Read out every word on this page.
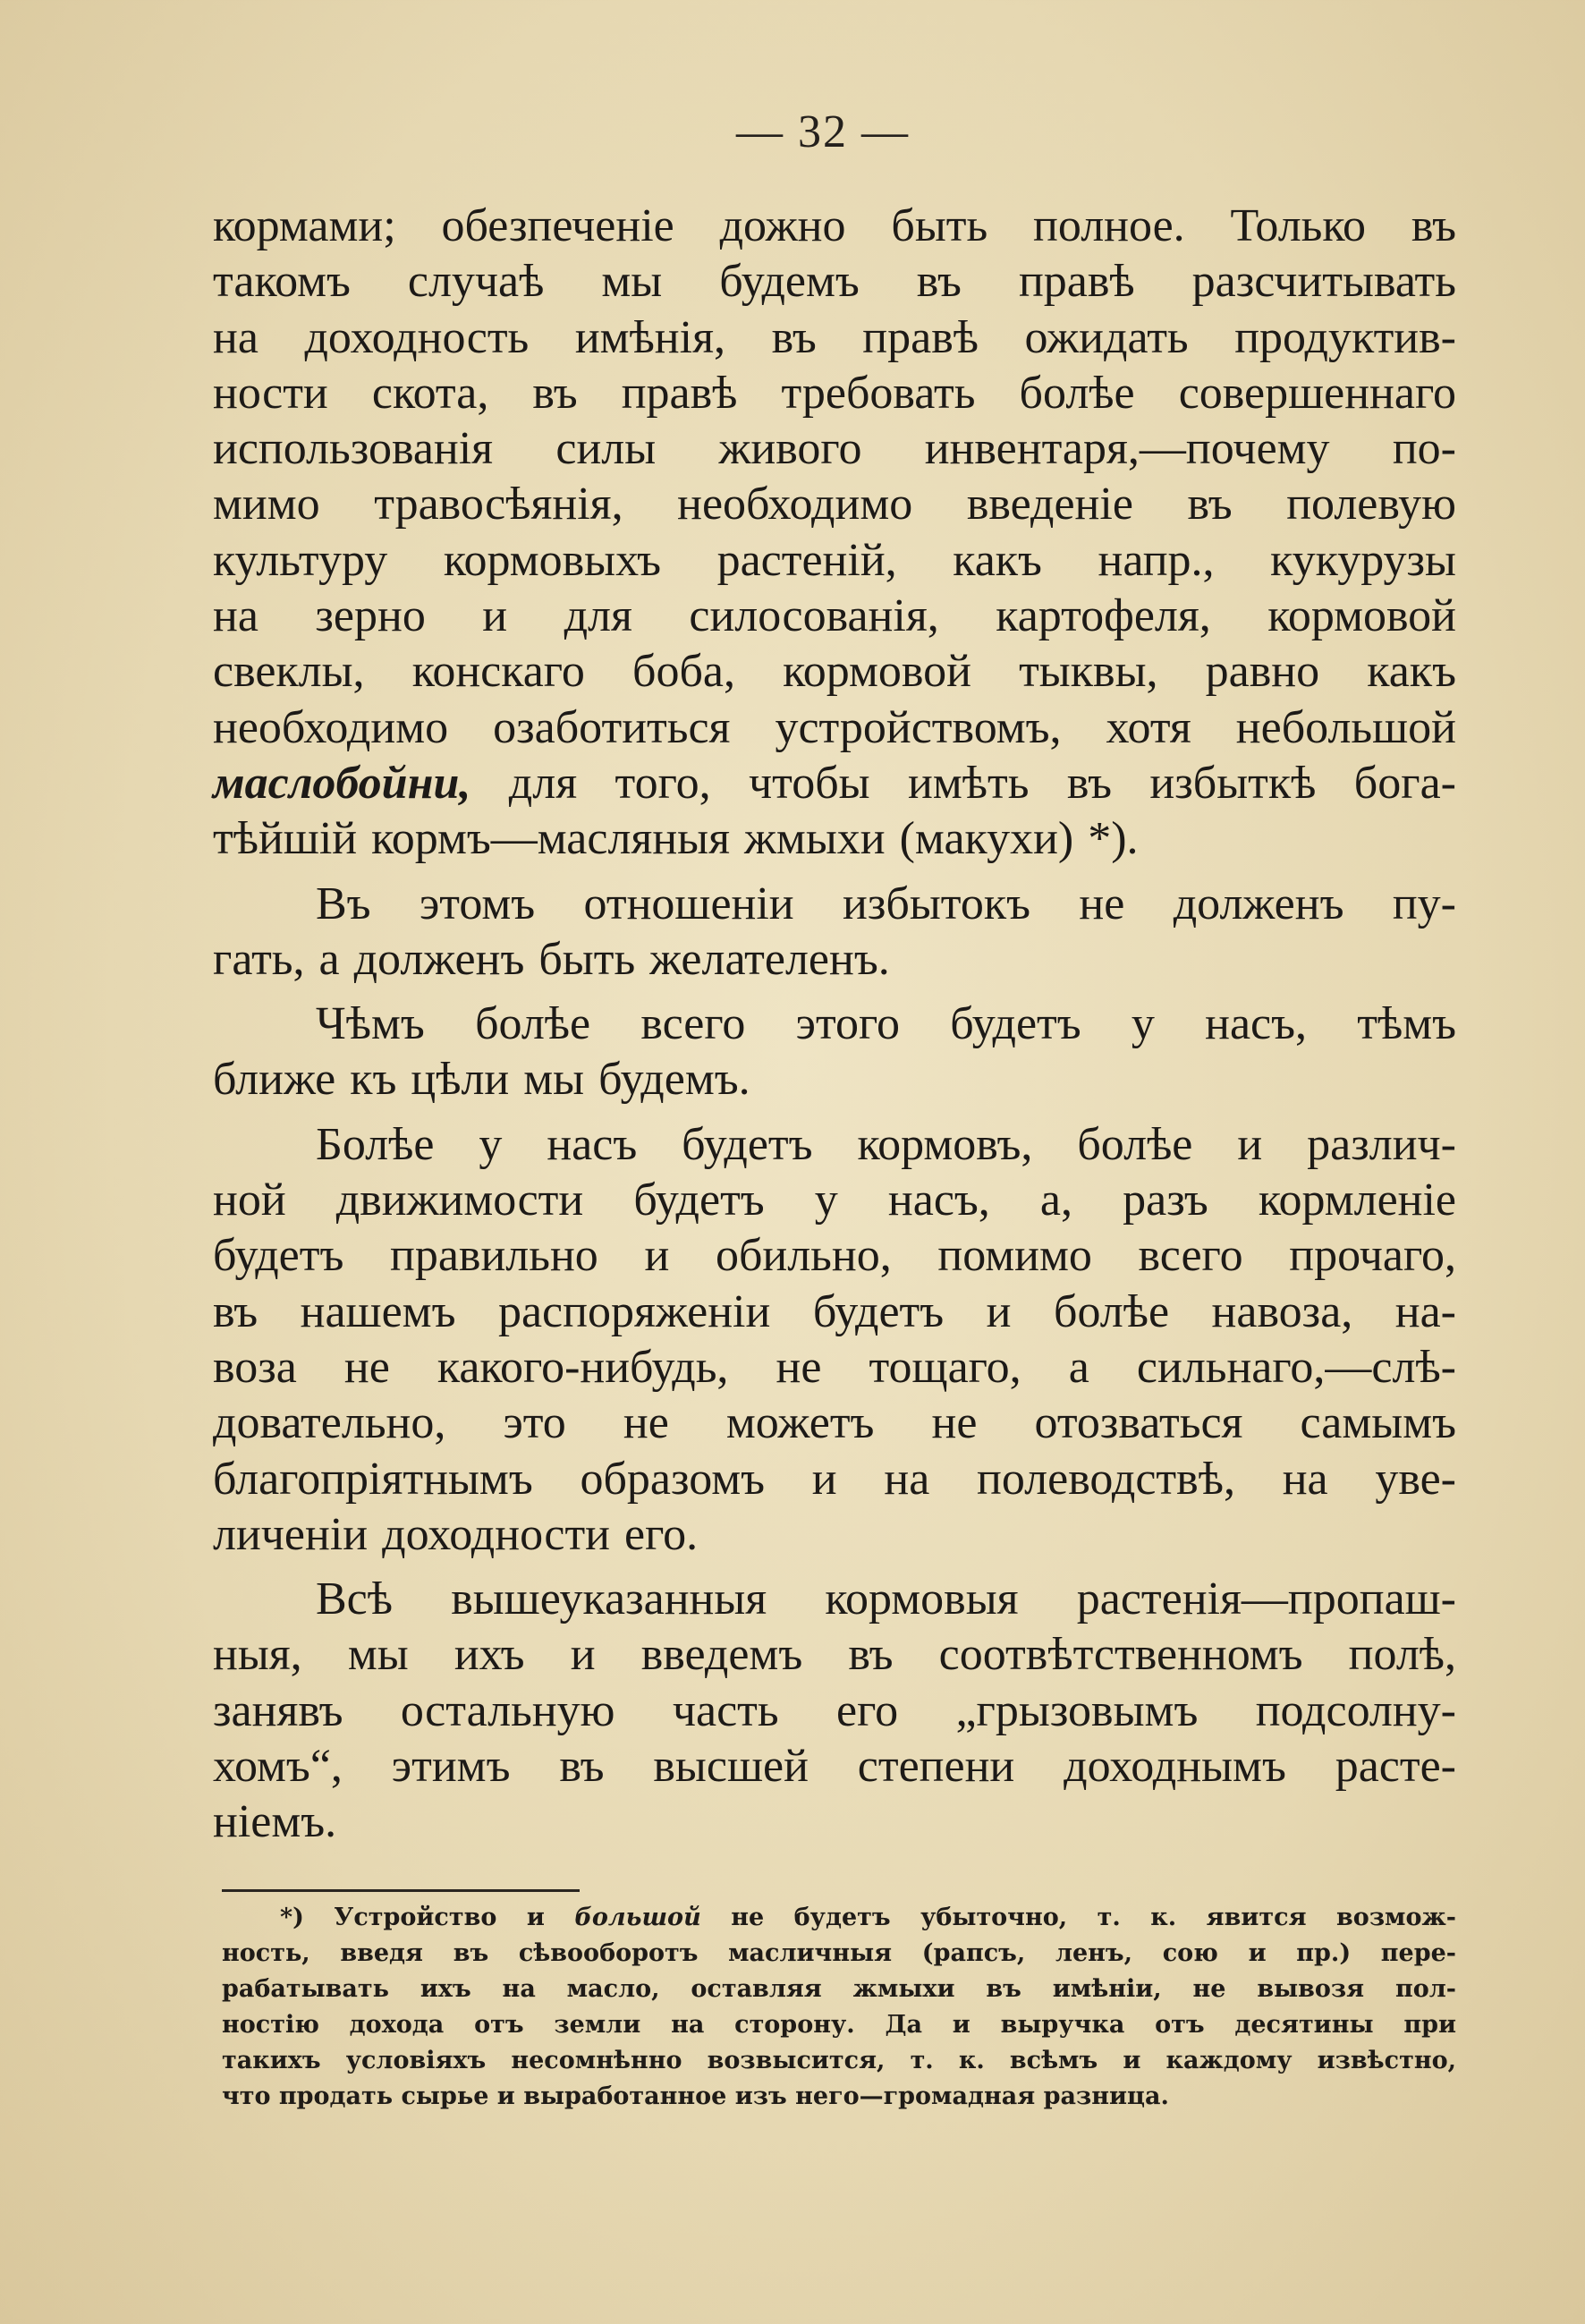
— 32 —

кормами; обезпеченіе дожно быть полное. Только въ
такомъ случаѣ мы будемъ въ правѣ разсчитывать
на доходность имѣнія, въ правѣ ожидать продуктив-
ности скота, въ правѣ требовать болѣе совершеннаго
использованія силы живого инвентаря,—почему по-
мимо травосѣянія, необходимо введеніе въ полевую
культуру кормовыхъ растеній, какъ напр., кукурузы
на зерно и для силосованія, картофеля, кормовой
свеклы, конскаго боба, кормовой тыквы, равно какъ
необходимо озаботиться устройствомъ, хотя небольшой
маслобойни, для того, чтобы имѣть въ избыткѣ бога-
тѣйшій кормъ—масляныя жмыхи (макухи) *).

Въ этомъ отношеніи избытокъ не долженъ пу-
гать, а долженъ быть желателенъ.

Чѣмъ болѣе всего этого будетъ у насъ, тѣмъ
ближе къ цѣли мы будемъ.

Болѣе у насъ будетъ кормовъ, болѣе и различ-
ной движимости будетъ у насъ, а, разъ кормленіе
будетъ правильно и обильно, помимо всего прочаго,
въ нашемъ распоряженіи будетъ и болѣе навоза, на-
воза не какого-нибудь, не тощаго, а сильнаго,—слѣ-
довательно, это не можетъ не отозваться самымъ
благопріятнымъ образомъ и на полеводствѣ, на уве-
личеніи доходности его.

Всѣ вышеуказанныя кормовыя растенія—пропаш-
ныя, мы ихъ и введемъ въ соотвѣтственномъ полѣ,
занявъ остальную часть его „грызовымъ подсолну-
хомъ“, этимъ въ высшей степени доходнымъ расте-
ніемъ.

*) Устройство и большой не будетъ убыточно, т. к. явится возмож-
ность, введя въ сѣвооборотъ масличныя (рапсъ, ленъ, сою и пр.) пере-
рабатывать ихъ на масло, оставляя жмыхи въ имѣніи, не вывозя пол-
ностію дохода отъ земли на сторону. Да и выручка отъ десятины при
такихъ условіяхъ несомнѣнно возвысится, т. к. всѣмъ и каждому извѣстно,
что продать сырье и выработанное изъ него—громадная разница.
